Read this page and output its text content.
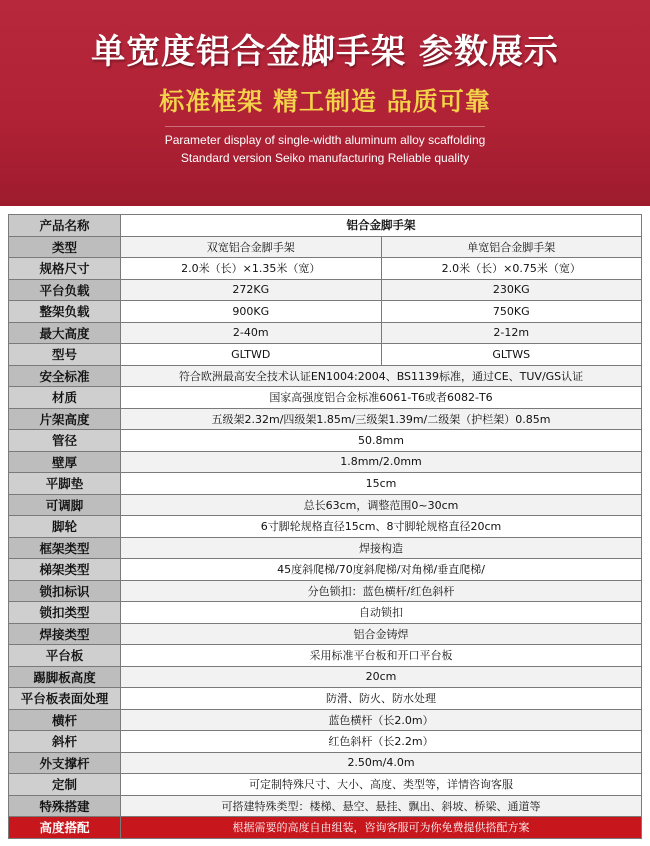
单宽度铝合金脚手架 参数展示
标准框架 精工制造 品质可靠
Parameter display of single-width aluminum alloy scaffolding
Standard version Seiko manufacturing Reliable quality
产品名称	铝合金脚手架	
类型	双宽铝合金脚手架	单宽铝合金脚手架
规格尺寸	2.0米（长）×1.35米（宽）	2.0米（长）×0.75米（宽）
平台负载	272KG	230KG
整架负载	900KG	750KG
最大高度	2-40m	2-12m
型号	GLTWD	GLTWS
安全标准	符合欧洲最高安全技术认证EN1004:2004、BS1139标准，通过CE、TUV/GS认证	
材质	国家高强度铝合金标准6061-T6或者6082-T6	
片架高度	五级架2.32m/四级架1.85m/三级架1.39m/二级架（护栏架）0.85m	
管径	50.8mm	
壁厚	1.8mm/2.0mm	
平脚垫	15cm	
可调脚	总长63cm，调整范围0~30cm	
脚轮	6寸脚轮规格直径15cm、8寸脚轮规格直径20cm	
框架类型	焊接构造	
梯架类型	45度斜爬梯/70度斜爬梯/对角梯/垂直爬梯/	
锁扣标识	分色锁扣：蓝色横杆/红色斜杆	
锁扣类型	自动锁扣	
焊接类型	铝合金铸焊	
平台板	采用标准平台板和开口平台板	
踢脚板高度	20cm	
平台板表面处理	防滑、防火、防水处理	
横杆	蓝色横杆（长2.0m）	
斜杆	红色斜杆（长2.2m）	
外支撑杆	2.50m/4.0m	
定制	可定制特殊尺寸、大小、高度、类型等，详情咨询客服	
特殊搭建	可搭建特殊类型：楼梯、悬空、悬挂、飘出、斜坡、桥梁、通道等	
高度搭配	根据需要的高度自由组装，咨询客服可为你免费提供搭配方案	
